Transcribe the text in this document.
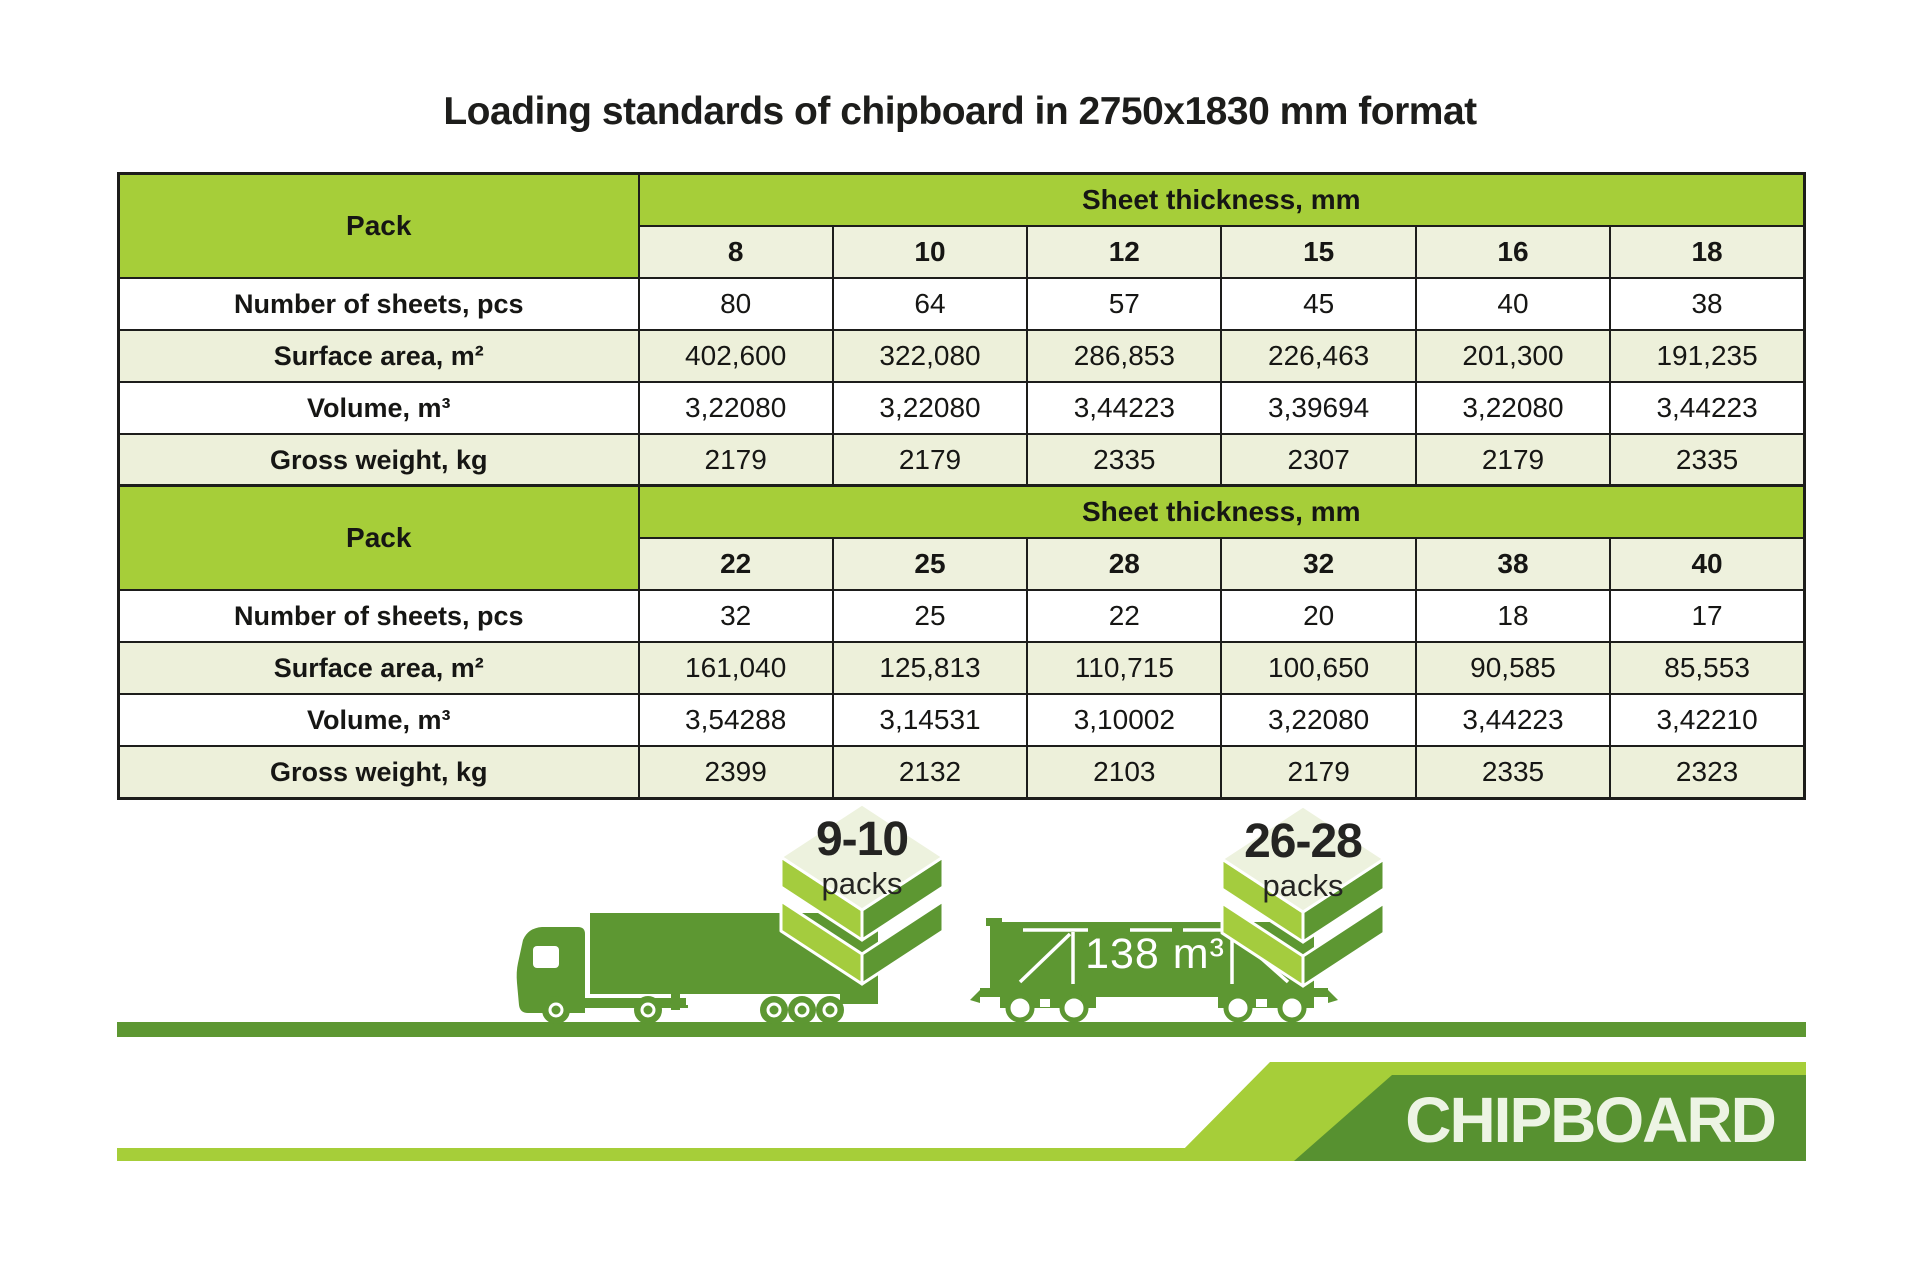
Loading standards of chipboard in 2750x1830 mm format
Pack	Sheet thickness, mm					
	8	10	12	15	16	18
Number of sheets, pcs	80	64	57	45	40	38
Surface area, m²	402,600	322,080	286,853	226,463	201,300	191,235
Volume, m³	3,22080	3,22080	3,44223	3,39694	3,22080	3,44223
Gross weight, kg	2179	2179	2335	2307	2179	2335
Pack	Sheet thickness, mm					
	22	25	28	32	38	40
Number of sheets, pcs	32	25	22	20	18	17
Surface area, m²	161,040	125,813	110,715	100,650	90,585	85,553
Volume, m³	3,54288	3,14531	3,10002	3,22080	3,44223	3,42210
Gross weight, kg	2399	2132	2103	2179	2335	2323
9-10
packs
26-28
packs
138 m³
CHIPBOARD
